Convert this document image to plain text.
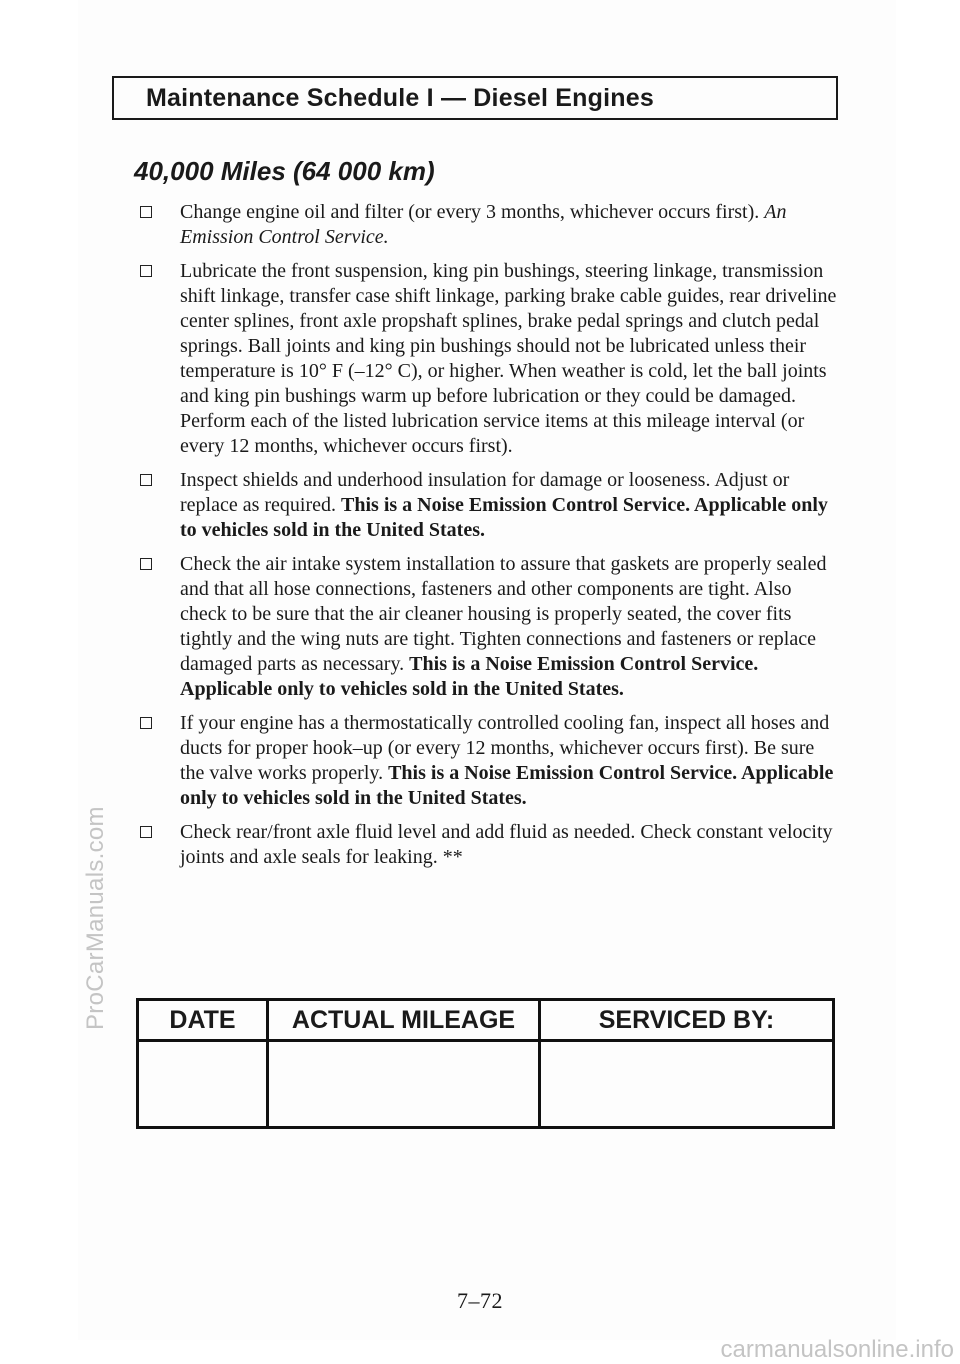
ProCarManuals.com
Maintenance Schedule I — Diesel Engines
40,000 Miles (64 000 km)
Change engine oil and filter (or every 3 months, whichever occurs first). An Emission Control Service.
Lubricate the front suspension, king pin bushings, steering linkage, transmission shift linkage, transfer case shift linkage, parking brake cable guides, rear driveline center splines, front axle propshaft splines, brake pedal springs and clutch pedal springs. Ball joints and king pin bushings should not be lubricated unless their temperature is 10° F (–12° C), or higher. When weather is cold, let the ball joints and king pin bushings warm up before lubrication or they could be damaged. Perform each of the listed lubrication service items at this mileage interval (or every 12 months, whichever occurs first).
Inspect shields and underhood insulation for damage or looseness. Adjust or replace as required. This is a Noise Emission Control Service. Applicable only to vehicles sold in the United States.
Check the air intake system installation to assure that gaskets are properly sealed and that all hose connections, fasteners and other components are tight. Also check to be sure that the air cleaner housing is properly seated, the cover fits tightly and the wing nuts are tight. Tighten connections and fasteners or replace damaged parts as necessary. This is a Noise Emission Control Service. Applicable only to vehicles sold in the United States.
If your engine has a thermostatically controlled cooling fan, inspect all hoses and ducts for proper hook–up (or every 12 months, whichever occurs first). Be sure the valve works properly. This is a Noise Emission Control Service. Applicable only to vehicles sold in the United States.
Check rear/front axle fluid level and add fluid as needed. Check constant velocity joints and axle seals for leaking. **
DATE	ACTUAL MILEAGE	SERVICED BY:

7–72
carmanualsonline.info
